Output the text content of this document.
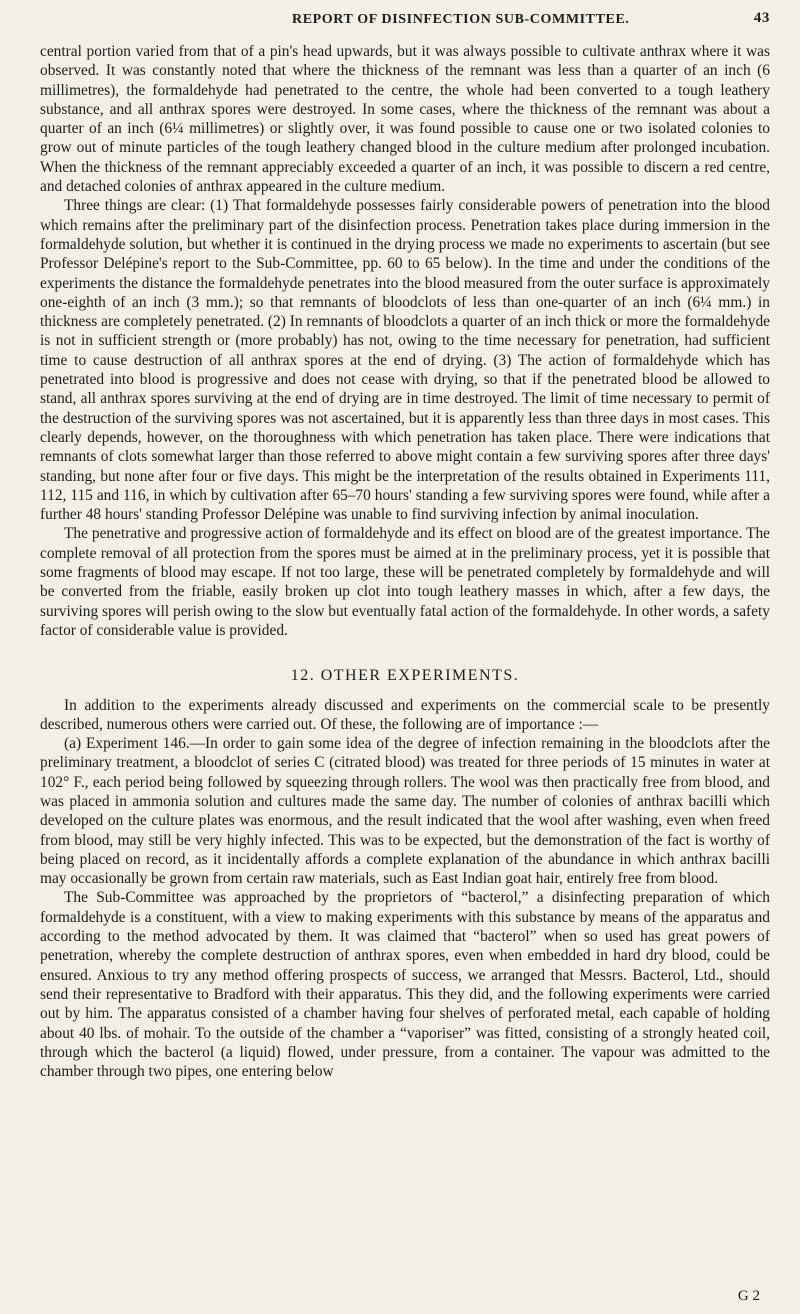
REPORT OF DISINFECTION SUB-COMMITTEE.	43

central portion varied from that of a pin's head upwards, but it was always possible to cultivate anthrax where it was observed. It was constantly noted that where the thickness of the remnant was less than a quarter of an inch (6 millimetres), the formaldehyde had penetrated to the centre, the whole had been converted to a tough leathery substance, and all anthrax spores were destroyed. In some cases, where the thickness of the remnant was about a quarter of an inch (6¼ millimetres) or slightly over, it was found possible to cause one or two isolated colonies to grow out of minute particles of the tough leathery changed blood in the culture medium after prolonged incubation. When the thickness of the remnant appreciably exceeded a quarter of an inch, it was possible to discern a red centre, and detached colonies of anthrax appeared in the culture medium.

Three things are clear: (1) That formaldehyde possesses fairly considerable powers of penetration into the blood which remains after the preliminary part of the disinfection process. Penetration takes place during immersion in the formaldehyde solution, but whether it is continued in the drying process we made no experiments to ascertain (but see Professor Delépine's report to the Sub-Committee, pp. 60 to 65 below). In the time and under the conditions of the experiments the distance the formaldehyde penetrates into the blood measured from the outer surface is approximately one-eighth of an inch (3 mm.); so that remnants of bloodclots of less than one-quarter of an inch (6¼ mm.) in thickness are completely penetrated. (2) In remnants of bloodclots a quarter of an inch thick or more the formaldehyde is not in sufficient strength or (more probably) has not, owing to the time necessary for penetration, had sufficient time to cause destruction of all anthrax spores at the end of drying. (3) The action of formaldehyde which has penetrated into blood is progressive and does not cease with drying, so that if the penetrated blood be allowed to stand, all anthrax spores surviving at the end of drying are in time destroyed. The limit of time necessary to permit of the destruction of the surviving spores was not ascertained, but it is apparently less than three days in most cases. This clearly depends, however, on the thoroughness with which penetration has taken place. There were indications that remnants of clots somewhat larger than those referred to above might contain a few surviving spores after three days' standing, but none after four or five days. This might be the interpretation of the results obtained in Experiments 111, 112, 115 and 116, in which by cultivation after 65–70 hours' standing a few surviving spores were found, while after a further 48 hours' standing Professor Delépine was unable to find surviving infection by animal inoculation.

The penetrative and progressive action of formaldehyde and its effect on blood are of the greatest importance. The complete removal of all protection from the spores must be aimed at in the preliminary process, yet it is possible that some fragments of blood may escape. If not too large, these will be penetrated completely by formaldehyde and will be converted from the friable, easily broken up clot into tough leathery masses in which, after a few days, the surviving spores will perish owing to the slow but eventually fatal action of the formaldehyde. In other words, a safety factor of considerable value is provided.

12. OTHER EXPERIMENTS.

In addition to the experiments already discussed and experiments on the commercial scale to be presently described, numerous others were carried out. Of these, the following are of importance :—

(a) Experiment 146.—In order to gain some idea of the degree of infection remaining in the bloodclots after the preliminary treatment, a bloodclot of series C (citrated blood) was treated for three periods of 15 minutes in water at 102° F., each period being followed by squeezing through rollers. The wool was then practically free from blood, and was placed in ammonia solution and cultures made the same day. The number of colonies of anthrax bacilli which developed on the culture plates was enormous, and the result indicated that the wool after washing, even when freed from blood, may still be very highly infected. This was to be expected, but the demonstration of the fact is worthy of being placed on record, as it incidentally affords a complete explanation of the abundance in which anthrax bacilli may occasionally be grown from certain raw materials, such as East Indian goat hair, entirely free from blood.

The Sub-Committee was approached by the proprietors of “bacterol,” a disinfecting preparation of which formaldehyde is a constituent, with a view to making experiments with this substance by means of the apparatus and according to the method advocated by them. It was claimed that “bacterol” when so used has great powers of penetration, whereby the complete destruction of anthrax spores, even when embedded in hard dry blood, could be ensured. Anxious to try any method offering prospects of success, we arranged that Messrs. Bacterol, Ltd., should send their representative to Bradford with their apparatus. This they did, and the following experiments were carried out by him. The apparatus consisted of a chamber having four shelves of perforated metal, each capable of holding about 40 lbs. of mohair. To the outside of the chamber a “vaporiser” was fitted, consisting of a strongly heated coil, through which the bacterol (a liquid) flowed, under pressure, from a container. The vapour was admitted to the chamber through two pipes, one entering below

G 2
